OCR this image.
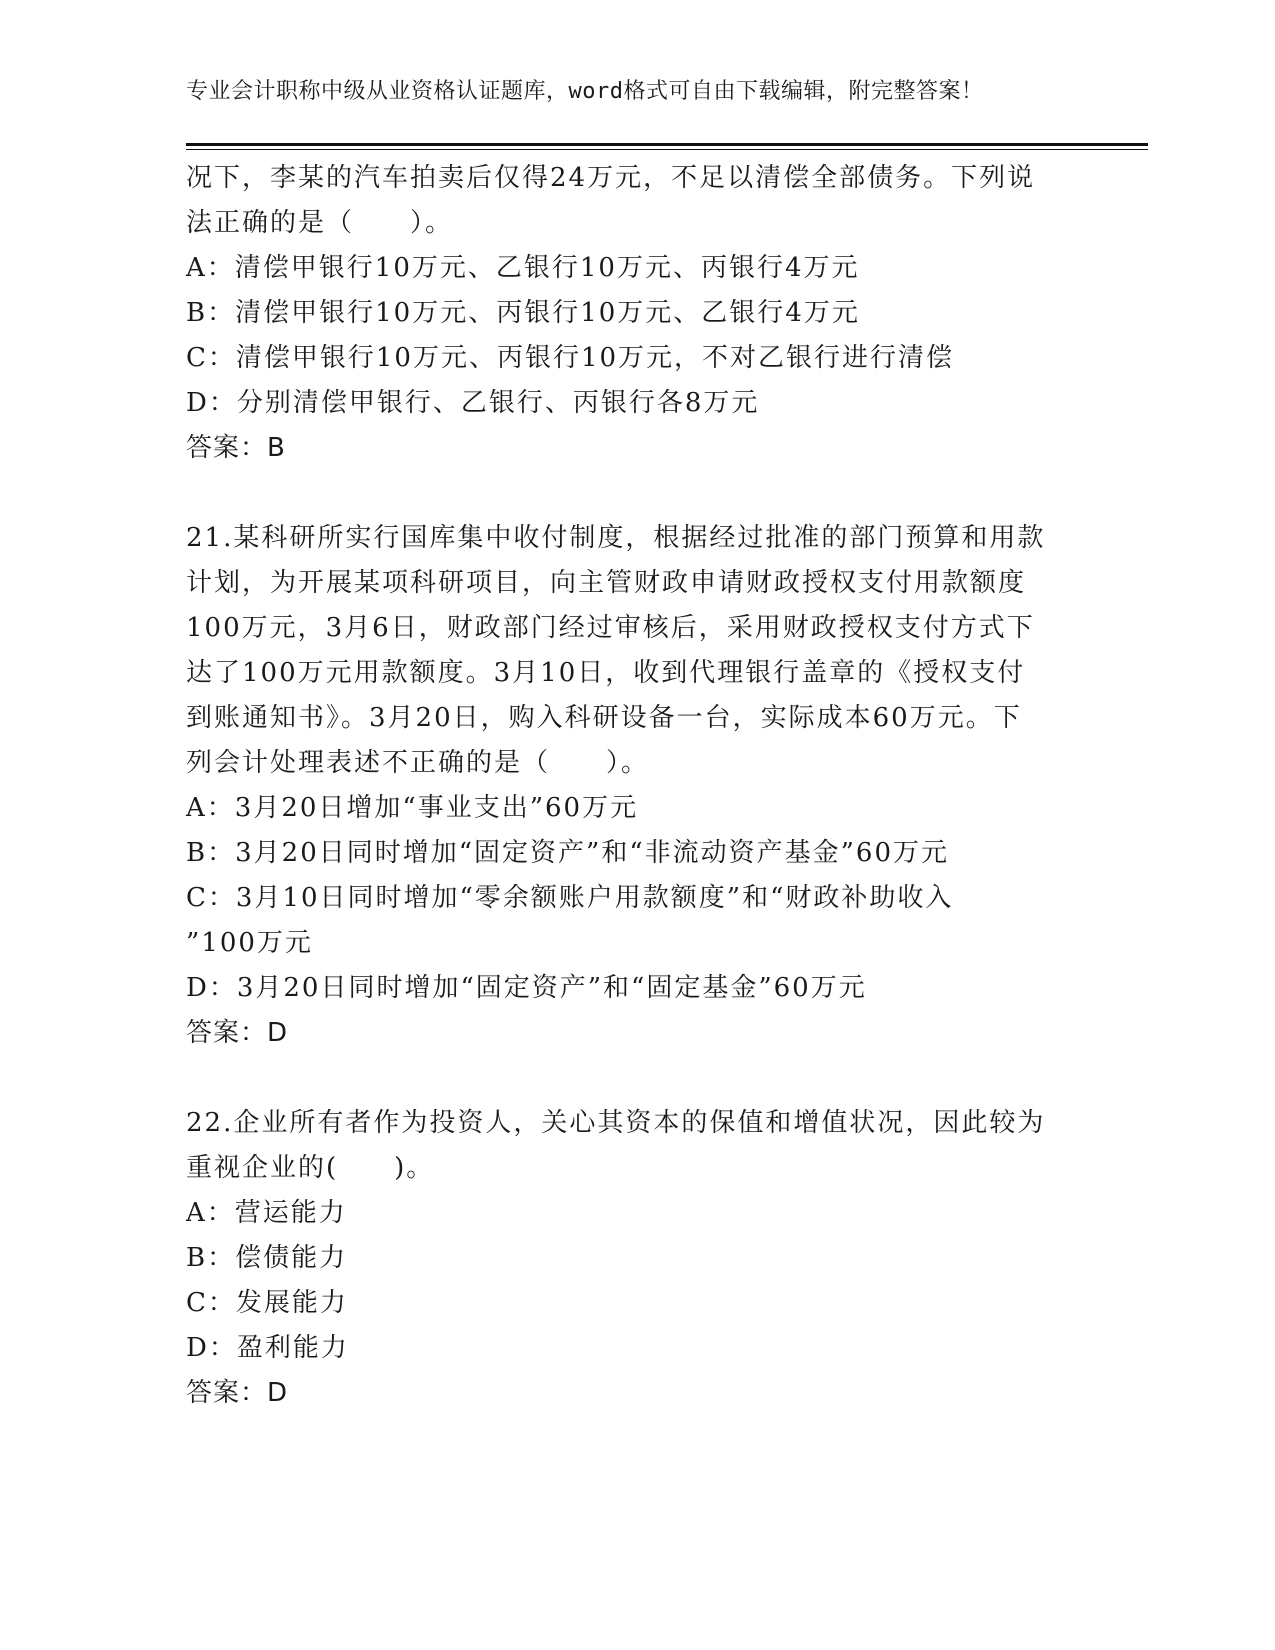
专业会计职称中级从业资格认证题库，word格式可自由下载编辑，附完整答案！
况下，李某的汽车拍卖后仅得24万元，不足以清偿全部债务。下列说
法正确的是（　　）。
A：清偿甲银行10万元、乙银行10万元、丙银行4万元
B：清偿甲银行10万元、丙银行10万元、乙银行4万元
C：清偿甲银行10万元、丙银行10万元，不对乙银行进行清偿
D：分别清偿甲银行、乙银行、丙银行各8万元
答案：B
21.某科研所实行国库集中收付制度，根据经过批准的部门预算和用款
计划，为开展某项科研项目，向主管财政申请财政授权支付用款额度
100万元，3月6日，财政部门经过审核后，采用财政授权支付方式下
达了100万元用款额度。3月10日，收到代理银行盖章的《授权支付
到账通知书》。3月20日，购入科研设备一台，实际成本60万元。下
列会计处理表述不正确的是（　　）。
A：3月20日增加“事业支出”60万元
B：3月20日同时增加“固定资产”和“非流动资产基金”60万元
C：3月10日同时增加“零余额账户用款额度”和“财政补助收入
”100万元
D：3月20日同时增加“固定资产”和“固定基金”60万元
答案：D
22.企业所有者作为投资人，关心其资本的保值和增值状况，因此较为
重视企业的(　　)。
A：营运能力
B：偿债能力
C：发展能力
D：盈利能力
答案：D
